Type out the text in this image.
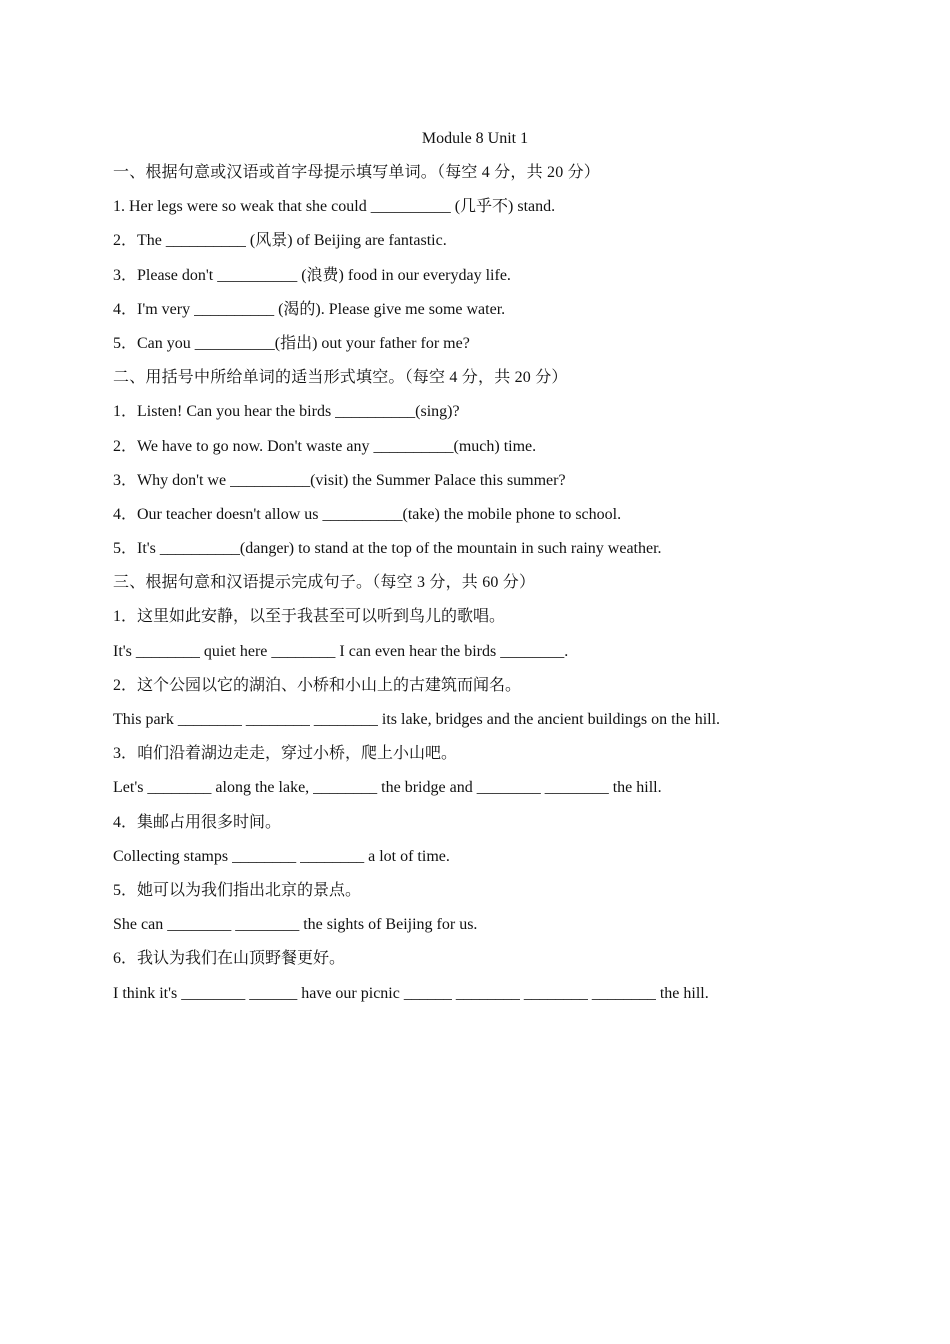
Module 8 Unit 1
一、根据句意或汉语或首字母提示填写单词。（每空 4 分，共 20 分）
1. Her legs were so weak that she could __________ (几乎不) stand.
2．The __________ (风景) of Beijing are fantastic.
3．Please don't __________ (浪费) food in our everyday life.
4．I'm very __________ (渴的). Please give me some water.
5．Can you __________(指出) out your father for me?
二、用括号中所给单词的适当形式填空。（每空 4 分，共 20 分）
1．Listen! Can you hear the birds __________(sing)?
2．We have to go now. Don't waste any __________(much) time.
3．Why don't we __________(visit) the Summer Palace this summer?
4．Our teacher doesn't allow us __________(take) the mobile phone to school.
5．It's __________(danger) to stand at the top of the mountain in such rainy weather.
三、根据句意和汉语提示完成句子。（每空 3 分，共 60 分）
1．这里如此安静，以至于我甚至可以听到鸟儿的歌唱。
It's ________ quiet here ________ I can even hear the birds ________.
2．这个公园以它的湖泊、小桥和小山上的古建筑而闻名。
This park ________ ________ ________ its lake, bridges and the ancient buildings on the hill.
3．咱们沿着湖边走走，穿过小桥，爬上小山吧。
Let's ________ along the lake, ________ the bridge and ________ ________ the hill.
4．集邮占用很多时间。
Collecting stamps ________ ________ a lot of time.
5．她可以为我们指出北京的景点。
She can ________ ________ the sights of Beijing for us.
6．我认为我们在山顶野餐更好。
I think it's ________ ______ have our picnic ______ ________ ________ ________ the hill.
